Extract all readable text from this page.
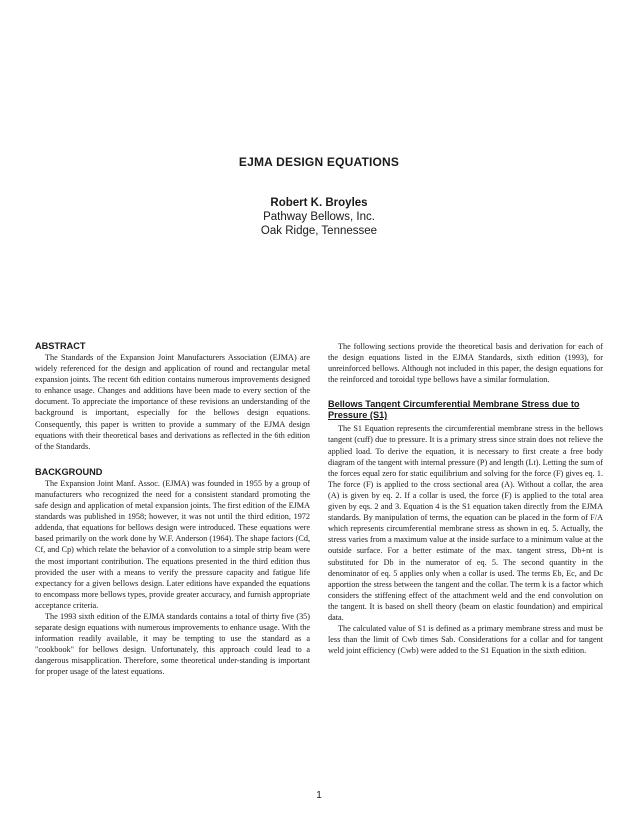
EJMA DESIGN EQUATIONS
Robert K. Broyles
Pathway Bellows, Inc.
Oak Ridge, Tennessee
ABSTRACT

The Standards of the Expansion Joint Manufacturers Association (EJMA) are widely referenced for the design and application of round and rectangular metal expansion joints. The recent 6th edition contains numerous improvements designed to enhance usage. Changes and additions have been made to every section of the document. To appreciate the importance of these revisions an understanding of the background is important, especially for the bellows design equations. Consequently, this paper is written to provide a summary of the EJMA design equations with their theoretical bases and derivations as reflected in the 6th edition of the Standards.

BACKGROUND

The Expansion Joint Manf. Assoc. (EJMA) was founded in 1955 by a group of manufacturers who recognized the need for a consistent standard promoting the safe design and application of metal expansion joints. The first edition of the EJMA standards was published in 1958; however, it was not until the third edition, 1972 addenda, that equations for bellows design were introduced. These equations were based primarily on the work done by W.F. Anderson (1964). The shape factors (Cd, Cf, and Cp) which relate the behavior of a convolution to a simple strip beam were the most important contribution. The equations presented in the third edition thus provided the user with a means to verify the pressure capacity and fatigue life expectancy for a given bellows design. Later editions have expanded the equations to encompass more bellows types, provide greater accuracy, and furnish appropriate acceptance criteria.

The 1993 sixth edition of the EJMA standards contains a total of thirty five (35) separate design equations with numerous improvements to enhance usage. With the information readily available, it may be tempting to use the standard as a "cookbook" for bellows design. Unfortunately, this approach could lead to a dangerous misapplication. Therefore, some theoretical under-standing is important for proper usage of the latest equations.

The following sections provide the theoretical basis and derivation for each of the design equations listed in the EJMA Standards, sixth edition (1993), for unreinforced bellows. Although not included in this paper, the design equations for the reinforced and toroidal type bellows have a similar formulation.

Bellows Tangent Circumferential Membrane Stress due to Pressure (S1)

The S1 Equation represents the circumferential membrane stress in the bellows tangent (cuff) due to pressure. It is a primary stress since strain does not relieve the applied load. To derive the equation, it is necessary to first create a free body diagram of the tangent with internal pressure (P) and length (Lt). Letting the sum of the forces equal zero for static equilibrium and solving for the force (F) gives eq. 1. The force (F) is applied to the cross sectional area (A). Without a collar, the area (A) is given by eq. 2. If a collar is used, the force (F) is applied to the total area given by eqs. 2 and 3. Equation 4 is the S1 equation taken directly from the EJMA standards. By manipulation of terms, the equation can be placed in the form of F/A which represents circumferential membrane stress as shown in eq. 5. Actually, the stress varies from a maximum value at the inside surface to a minimum value at the outside surface. For a better estimate of the max. tangent stress, Db+nt is substituted for Db in the numerator of eq. 5. The second quantity in the denominator of eq. 5 applies only when a collar is used. The terms Eb, Ec, and Dc apportion the stress between the tangent and the collar. The term k is a factor which considers the stiffening effect of the attachment weld and the end convolution on the tangent. It is based on shell theory (beam on elastic foundation) and empirical data.

The calculated value of S1 is defined as a primary membrane stress and must be less than the limit of Cwb times Sab. Considerations for a collar and for tangent weld joint efficiency (Cwb) were added to the S1 Equation in the sixth edition.

1
